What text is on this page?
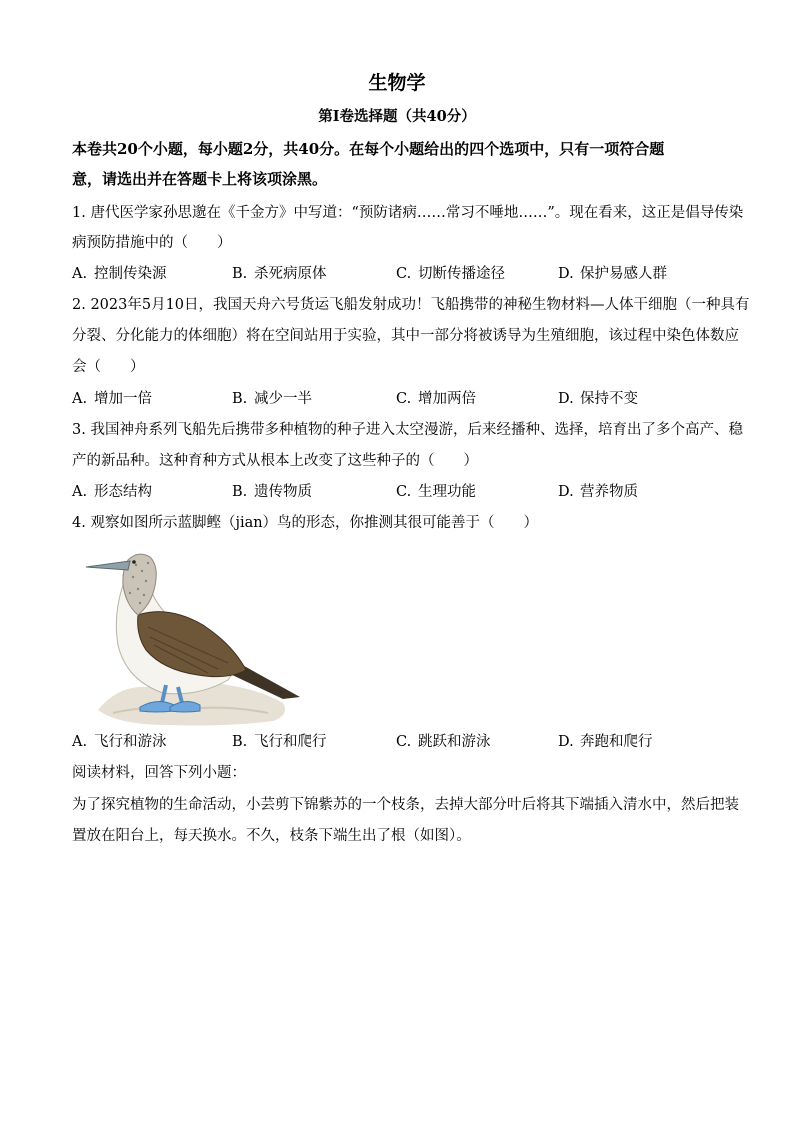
生物学
第Ⅰ卷选择题（共40分）
本卷共20个小题，每小题2分，共40分。在每个小题给出的四个选项中，只有一项符合题
意，请选出并在答题卡上将该项涂黑。
1. 唐代医学家孙思邈在《千金方》中写道：“预防诸病……常习不唾地……”。现在看来，这正是倡导传染
病预防措施中的（　　）
A. 控制传染源	B. 杀死病原体	C. 切断传播途径	D. 保护易感人群
2. 2023年5月10日，我国天舟六号货运飞船发射成功！飞船携带的神秘生物材料—人体干细胞（一种具有
分裂、分化能力的体细胞）将在空间站用于实验，其中一部分将被诱导为生殖细胞，该过程中染色体数应
会（　　）
A. 增加一倍	B. 减少一半	C. 增加两倍	D. 保持不变
3. 我国神舟系列飞船先后携带多种植物的种子进入太空漫游，后来经播种、选择，培育出了多个高产、稳
产的新品种。这种育种方式从根本上改变了这些种子的（　　）
A. 形态结构	B. 遗传物质	C. 生理功能	D. 营养物质
4. 观察如图所示蓝脚鲣（jian）鸟的形态，你推测其很可能善于（　　）
A. 飞行和游泳	B. 飞行和爬行	C. 跳跃和游泳	D. 奔跑和爬行
阅读材料，回答下列小题：
为了探究植物的生命活动，小芸剪下锦紫苏的一个枝条，去掉大部分叶后将其下端插入清水中，然后把装
置放在阳台上，每天换水。不久，枝条下端生出了根（如图）。
